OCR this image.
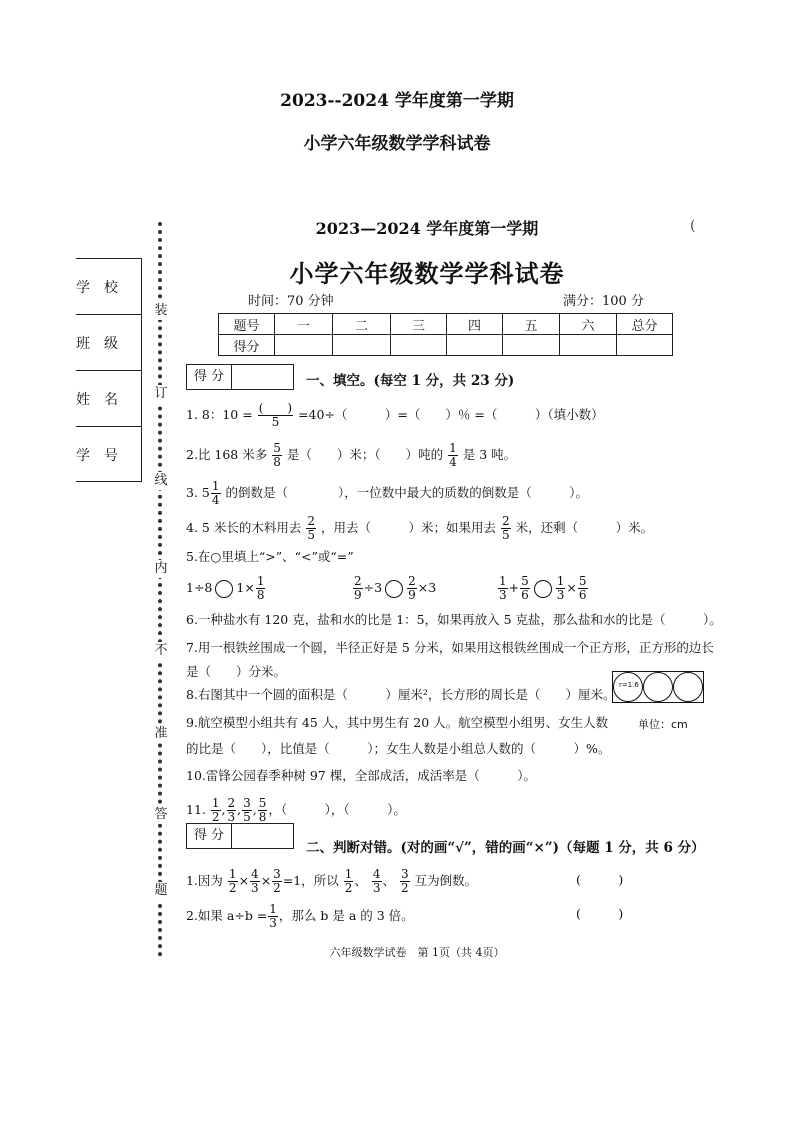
2023--2024 学年度第一学期
小学六年级数学学科试卷
装
订
线
内
不
准
答
题
学　校
班　级
姓　名
学　号
(
2023—2024 学年度第一学期
小学六年级数学学科试卷
时间：70 分钟	满分：100 分
题号	一	二	三	四	五	六	总分
得分							
得 分	一、填空。(每空 1 分，共 23 分)
1. 8：$10 = \frac{( )}{5} =40\div$（　　　）=（　　）％ =（　　　）（填小数）
2.比 168 米多 $\frac{5}{8}$ 是（　　）米；（　　）吨的 $\frac{1}{4}$ 是 3 吨。
3. $5 \frac{1}{4}$ 的倒数是（　　　　），一位数中最大的质数的倒数是（　　　）。
4. 5 米长的木料用去 $\frac{2}{5}$ ，用去（　　　）米；如果用去 $\frac{2}{5}$ 米，还剩（　　　）米。
5.在○里填上“>”、“<”或“=”
1÷8 $1\times \frac{1}{8}$	$\frac{2}{9} \div 3 \frac{2}{9} \times 3$	$\frac{1}{3} + \frac{5}{6} \frac{1}{3} \times \frac{5}{6}$
6.一种盐水有 120 克，盐和水的比是 1：5，如果再放入 5 克盐，那么盐和水的比是（　　　）。
7.用一根铁丝围成一个圆，半径正好是 5 分米，如果用这根铁丝围成一个正方形，正方形的边长
是（　　）分米。
8.右图其中一个圆的面积是（　　　）厘米²，长方形的周长是（　　）厘米。
r=1.6
单位：cm
9.航空模型小组共有 45 人，其中男生有 20 人。航空模型小组男、女生人数
的比是（　　），比值是（　　　）；女生人数是小组总人数的（　　　）%。
10.雷锋公园春季种树 97 棵，全部成活，成活率是（　　　）。
11. $\frac{1}{2}$ , $\frac{2}{3}$ , $\frac{3}{5}$ , $\frac{5}{8}$ ，（　　　），（　　　）。
得 分
二、判断对错。(对的画“√”，错的画“×”)（每题 1 分，共 6 分）
1.因为 $\frac{1}{2} \times \frac{4}{3} \times \frac{3}{2} =1$，所以 $\frac{1}{2}$ 、 $\frac{4}{3}$ 、 $\frac{3}{2}$ 互为倒数。	(　　　)
2.如果 $a\div b = \frac{1}{3}$ ，那么 b 是 a 的 3 倍。	(　　　)
六年级数学试卷　第 1页（共 4页）
